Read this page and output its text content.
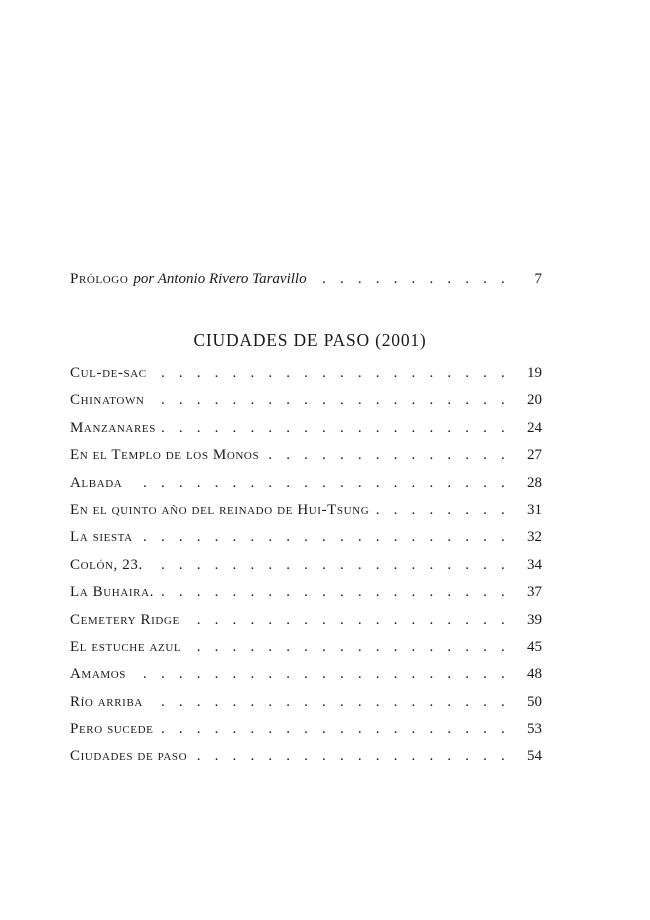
Prólogo por Antonio Rivero Taravillo . . .	7
CIUDADES DE PASO (2001)
Cul-de-sac . . .	19
Chinatown . . .	20
Manzanares . . .	24
En el Templo de los Monos . . .	27
Albada . . .	28
En el quinto año del reinado de Hui-Tsung . . .	31
La siesta . . .	32
Colón, 23. . . .	34
La Buhaira. . . .	37
Cemetery Ridge . . .	39
El estuche azul . . .	45
Amamos . . .	48
Río arriba . . .	50
Pero sucede . . .	53
Ciudades de paso . . .	54
